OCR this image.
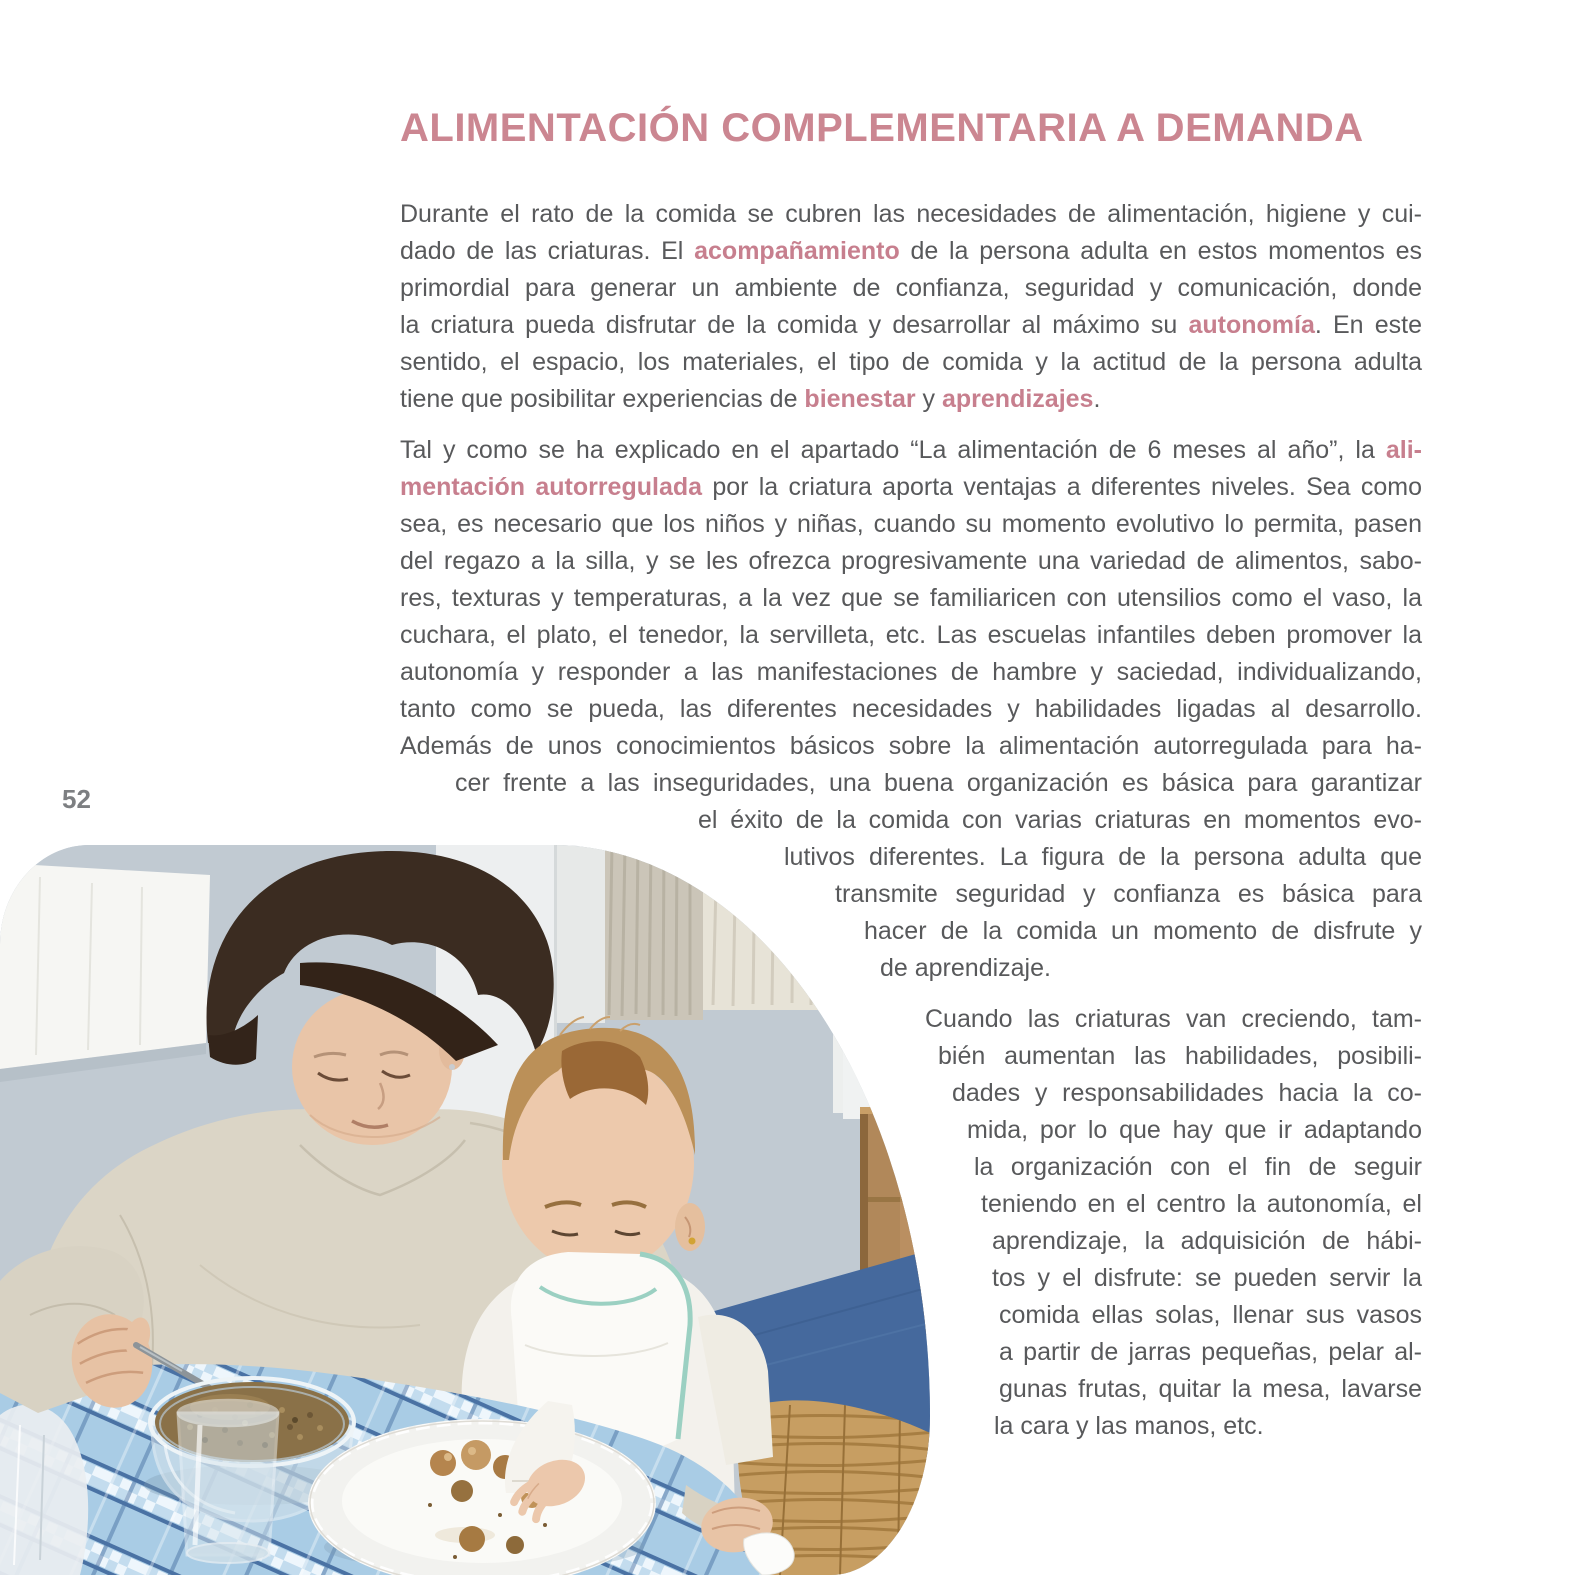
ALIMENTACIÓN COMPLEMENTARIA A DEMANDA
52
Durante el rato de la comida se cubren las necesidades de alimentación, higiene y cui-
dado de las criaturas. El acompañamiento de la persona adulta en estos momentos es
primordial para generar un ambiente de confianza, seguridad y comunicación, donde
la criatura pueda disfrutar de la comida y desarrollar al máximo su autonomía. En este
sentido, el espacio, los materiales, el tipo de comida y la actitud de la persona adulta
tiene que posibilitar experiencias de bienestar y aprendizajes.
Tal y como se ha explicado en el apartado “La alimentación de 6 meses al año”, la ali-
mentación autorregulada por la criatura aporta ventajas a diferentes niveles. Sea como
sea, es necesario que los niños y niñas, cuando su momento evolutivo lo permita, pasen
del regazo a la silla, y se les ofrezca progresivamente una variedad de alimentos, sabo-
res, texturas y temperaturas, a la vez que se familiaricen con utensilios como el vaso, la
cuchara, el plato, el tenedor, la servilleta, etc. Las escuelas infantiles deben promover la
autonomía y responder a las manifestaciones de hambre y saciedad, individualizando,
tanto como se pueda, las diferentes necesidades y habilidades ligadas al desarrollo.
Además de unos conocimientos básicos sobre la alimentación autorregulada para ha-
cer frente a las inseguridades, una buena organización es básica para garantizar
el éxito de la comida con varias criaturas en momentos evo-
lutivos diferentes. La figura de la persona adulta que
transmite seguridad y confianza es básica para
hacer de la comida un momento de disfrute y
de aprendizaje.
Cuando las criaturas van creciendo, tam-
bién aumentan las habilidades, posibili-
dades y responsabilidades hacia la co-
mida, por lo que hay que ir adaptando
la organización con el fin de seguir
teniendo en el centro la autonomía, el
aprendizaje, la adquisición de hábi-
tos y el disfrute: se pueden servir la
comida ellas solas, llenar sus vasos
a partir de jarras pequeñas, pelar al-
gunas frutas, quitar la mesa, lavarse
la cara y las manos, etc.
